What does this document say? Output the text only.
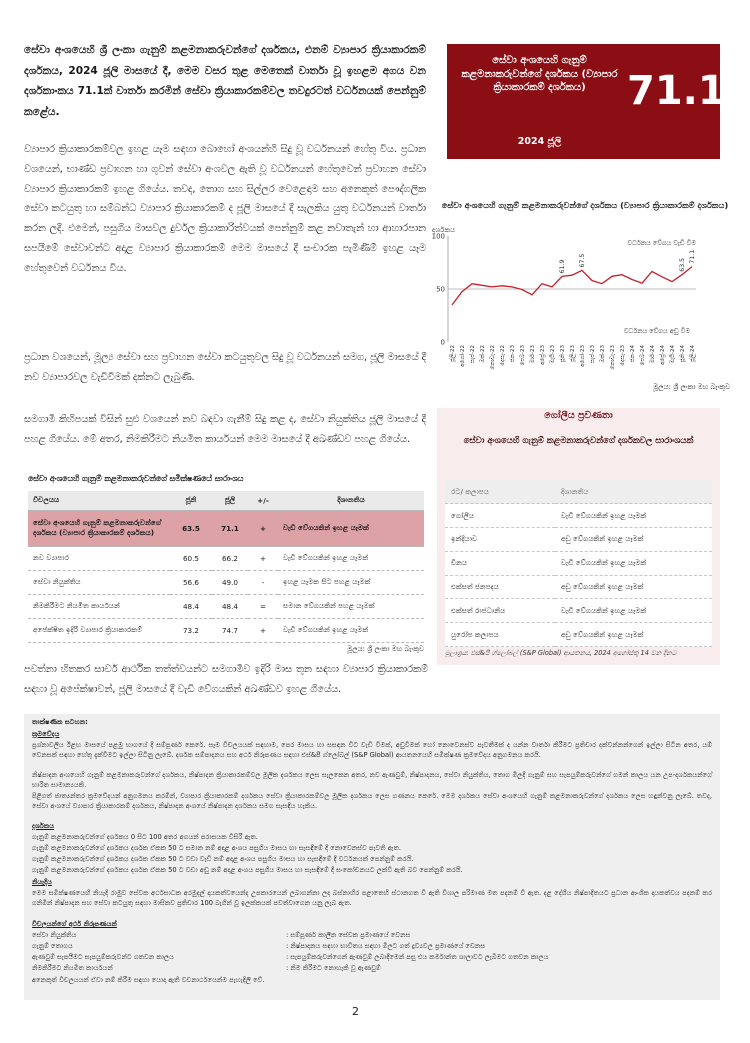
සේවා අංශයෙහි ශ්‍රී ලංකා ගැනුම් කළමනාකරුවන්ගේ දර්ශකය, එනම් ව්‍යාපාර ක්‍රියාකාරකම් දර්ශකය, 2024 ජූලි මාසයේ දී, මෙම වසර තුළ මෙතෙක් වාර්තා වූ ඉහළම අගය වන දර්ශකාංකය 71.1ක් වාර්තා කරමින් සේවා ක්‍රියාකාරකම්වල තවදුරටත් වර්ධනයක් පෙන්නුම් කළේය.

ව්‍යාපාර ක්‍රියාකාරකම්වල ඉහළ යෑම සඳහා බොහෝ අංශයන්හි සිදු වූ වර්ධනයන් හේතු විය. ප්‍රධාන වශයෙන්, භාණ්ඩ ප්‍රවාහන හා ගුවන් සේවා අංශවල ඇති වූ වර්ධනයන් හේතුවෙන් ප්‍රවාහන සේවා ව්‍යාපාර ක්‍රියාකාරකම් ඉහළ ගියේය. තවද, තොග සහ සිල්ලර වෙළෙඳාම සහ අනෙකුත් පෞද්ගලික සේවා කටයුතු හා සම්බන්ධ ව්‍යාපාර ක්‍රියාකාරකම් ද ජූලි මාසයේ දී සැලකිය යුතු වර්ධනයන් වාර්තා කරන ලදී. එමෙන්, පසුගිය මාසවල දුර්වල ක්‍රියාකාරිත්වයක් පෙන්නුම් කළ නවාතැන් හා ආහාරපාන සපයීමේ සේවාවන්ට අදාළ ව්‍යාපාර ක්‍රියාකාරකම් මෙම මාසයේ දී සංචාරක පැමිණීම් ඉහළ යෑම හේතුවෙන් වර්ධනය විය.

ප්‍රධාන වශයෙන්, මූල්‍ය සේවා සහ ප්‍රවාහන සේවා කටයුතුවල සිදු වූ වර්ධනයන් සමග, ජූලි මාසයේ දී නව ව්‍යාපාරවල වැඩිවීමක් දක්නට ලැබුණි.

සමගාමී කිහිපයක් විසින් සුළු වශයෙන් නව බඳවා ගැනීම් සිදු කළ ද, සේවා නියුක්තිය ජූලි මාසයේ දී පහළ ගියේය. මේ අතර, නිමකිරීමට නියමිත කාර්යයන් මෙම මාසයේ දී අඛණ්ඩව පහළ ගියේය.

සේවා අංශයෙහි ගැනුම් කළමනාකරුවන්ගේ දර්ශකය (ව්‍යාපාර ක්‍රියාකාරකම් දර්ශකය)	71.1
2024 ජූලි
සේවා අංශයෙහි ගැනුම් කළමනාකරුවන්ගේ දර්ශකය (ව්‍යාපාර ක්‍රියාකාරකම් දර්ශකය)
දර්ශකය
වර්ධනය වේගය වැඩි වීම
වර්ධනය වේගය අඩු වීම
0
50
100
ජූලි-22 අගෝ-22 සැප්-22 ඔක්-22 නොවැ-22 දෙසැ-22 ජන-23 පෙබ-23 මාර්-23 අප්‍රේ-23 මැයි-23 ජූනි-23 ජූලි-23 අගෝ-23 සැප්-23 ඔක්-23 නොවැ-23 දෙසැ-23 ජන-24 පෙබ-24 මාර්-24 අප්‍රේ-24 මැයි-24 ජූනි-24 ජූලි-24
61.9 67.5	63.5
71.1
මූලය: ශ්‍රී ලංකා මහ බැංකුව
සේවා අංශයෙහි ගැනුම් කළමනාකරුවන්ගේ සමීක්ෂණයේ සාරාංශය
විචලයය	ජූනි	ජූලි	+/-	දිශානතිය
සේවා අංශයෙහි ගැනුම් කළමනාකරුවන්ගේ දර්ශකය (ව්‍යාපාර ක්‍රියාකාරකම් දර්ශකය)	63.5	71.1	+	වැඩි වේගයකින් ඉහළ යෑමක්
නව ව්‍යාපාර	60.5	66.2	+	වැඩි වේගයකින් ඉහළ යෑමක්
සේවා නියුක්තිය	56.6	49.0	-	ඉහළ යෑමක සිට පහළ යෑමක්
නිමකිරීමට නියමිත කාර්යයන්	48.4	48.4	=	සමාන වේගයකින් පහළ යෑමක්
අපේක්ෂිත ඉදිරි ව්‍යාපාර ක්‍රියාකාරකම්	73.2	74.7	+	වැඩි වේගයකින් ඉහළ යෑමක්
මූලය: ශ්‍රී ලංකා මහ බැංකුව

පවත්නා හිතකර සාර්ව ආර්ථික තත්ත්වයන්ට සමගාමීව ඉදිරි මාස තුන සඳහා ව්‍යාපාර ක්‍රියාකාරකම් සඳහා වූ අපේක්ෂාවන්, ජූලි මාසයේ දී වැඩි වේගයකින් අඛණ්ඩව ඉහළ ගියේය.

ගෝලීය ප්‍රවණතා
සේවා අංශයෙහි ගැනුම් කළමනාකරුවන්ගේ දර්ශකවල සාරාංශයක්
රට/ කලාපය	දිශානතිය
ගෝලීය	වැඩි වේගයකින් ඉහළ යෑමක්
ඉන්දියාව	අඩු වේගයකින් ඉහළ යෑමක්
චීනය	වැඩි වේගයකින් ඉහළ යෑමක්
එක්සත් ජනපදය	අඩු වේගයකින් ඉහළ යෑමක්
එක්සත් රාජධානිය	වැඩි වේගයකින් ඉහළ යෑමක්
යුරෝප කලාපය	අඩු වේගයකින් ඉහළ යෑමක්
මූලාශ්‍රය: එස්&පී ග්ලෝබල් (S&P Global) ආයතනය, 2024 අගෝස්තු 14 වන දිනට
තාක්ෂණික සටහන:
ක්‍රමවේදය
ප්‍රශ්නාවලිය ඊළඟ මාසයේ පළමු භාගයේ දී සම්පූර්ණ කෙරේ. සෑම විචලයයක් සඳහාම, පෙර මාසය හා සසඳන විට වැඩි වීමක්, අඩුවීමක් හෝ නොවෙනස්ව පැවතීමක් ද යන්න වාර්තා කිරීමට ප්‍රතිචාර දක්වන්නන්ගෙන් ඉල්ලා සිටින අතර, යම් වෙනසක් සඳහා හේතු දැක්වීමට ඉල්ලා සිටිනු ලැබේ. දර්ශක සම්පාදනය සහ අර්ථ නිරූපණය සඳහා එස්&පී ග්ලෝබල් (S&P Global) ආයතනයෙහි සමීක්ෂණ ක්‍රමවේදය අනුගමනය කරයි.
නිෂ්පාදන අංශයෙහි ගැනුම් කළමනාකරුවන්ගේ දර්ශකය, නිෂ්පාදන ක්‍රියාකාරකම්වල මූලික දර්ශකය ලෙස සැලකෙන අතර, නව ඇණවුම්, නිෂ්පාදනය, සේවා නියුක්තිය, තොග මිලදී ගැනුම් සහ සැපයුම්කරුවන්ගේ ගමන් කාලය යන උප-දර්ශකයන්ගේ භාරිත සාමාන්‍යයකි.
පිළිගත් ජාත්‍යන්තර ක්‍රමවේදයන් අනුගමනය කරමින්, ව්‍යාපාර ක්‍රියාකාරකම් දර්ශකය සේවා ක්‍රියාකාරකම්වල මූලික දර්ශකය ලෙස ගණනය කෙරේ. මෙම දර්ශකය සේවා අංශයෙහි ගැනුම් කළමනාකරුවන්ගේ දර්ශකය ලෙස හඳුන්වනු ලැබේ. තවද, සේවා අංශයේ ව්‍යාපාර ක්‍රියාකාරකම් දර්ශකය, නිෂ්පාදන අංශයේ නිෂ්පාදන දර්ශකය සමග සැසඳිය හැකිය.
දර්ශකය
ගැනුම් කළමනාකරුවන්ගේ දර්ශකය 0 සිට 100 අතර අගයන් පරාසයක විසිරී ඇත.
ගැනුම් කළමනාකරුවන්ගේ දර්ශකය දර්ශක ඒකක 50 ට සමාන නම් අදාළ අංශය පසුගිය මාසය හා සැසඳීමේ දී නොවෙනස්ව පැවති ඇත.
ගැනුම් කළමනාකරුවන්ගේ දර්ශකය දර්ශක ඒකක 50 ට වඩා වැඩි නම් අදාළ අංශය පසුගිය මාසය හා සැසඳීමේ දී වර්ධනයක් පෙන්නුම් කරයි.
ගැනුම් කළමනාකරුවන්ගේ දර්ශකය දර්ශක ඒකක 50 ට වඩා අඩු නම් අදාළ අංශය පසුගිය මාසය හා සැසඳීමේ දී සංකෝචනයට ලක්වී ඇති බව පෙන්නුම් කරයි.
නියැදිය
මෙම සමීක්ෂණයෙහි නියැදි රාමුව සේවක අර්ථසාධක අරමුදල් දායකත්වයෙන්ද උපකාරයෙන් ලබාගන්නා ලද බස්නාහිර පළාතෙහි ස්ථානගත වී ඇති විශාල පරිමාණ මත පදනම් වී ඇත. දළ දේශීය නිෂ්පාදිතයට ප්‍රධාන ආංශික දායකත්වය පදනම් කර ගනිමින් නිෂ්පාදන සහ සේවා කටයුතු සඳහා මාසිකව ප්‍රතිචාර 100 බැගින් වූ ඉලක්කයක් පවත්වාගෙන යනු ලැබ ඇත.
විචලයන්ගේ අර්ථ නිරූපණයන්
සේවා නියුක්තිය	: සම්පූර්ණ කාලීන සේවක ප්‍රමාණයේ වෙනස
ගැනුම් තොගය	: නිෂ්පාදනය සඳහා භාවිතය සඳහා මිලට ගත් ද්‍රව්‍යවල ප්‍රමාණයේ වෙනස
ඇණවුම් සැපයීමට සැපයුම්කරුවන්ට ගතවන කාලය	: සැපයුම්කරුවන්ගෙන් ඇණවුම් ලබාදීමෙන් පසු එය කර්මාන්ත ශාලාවට ලැබීමට ගතවන කාලය
නිමකිරීමට නියමිත කාර්යයන්	: නිම කිරීමට නොහැකි වූ ඇණවුම්
අනෙකුත් විචලයයන් ඒවා නම් කිරීම සඳහා යොදා ඇති වචනාර්ථයෙන්ම පැහැදිලි වේ.
2
